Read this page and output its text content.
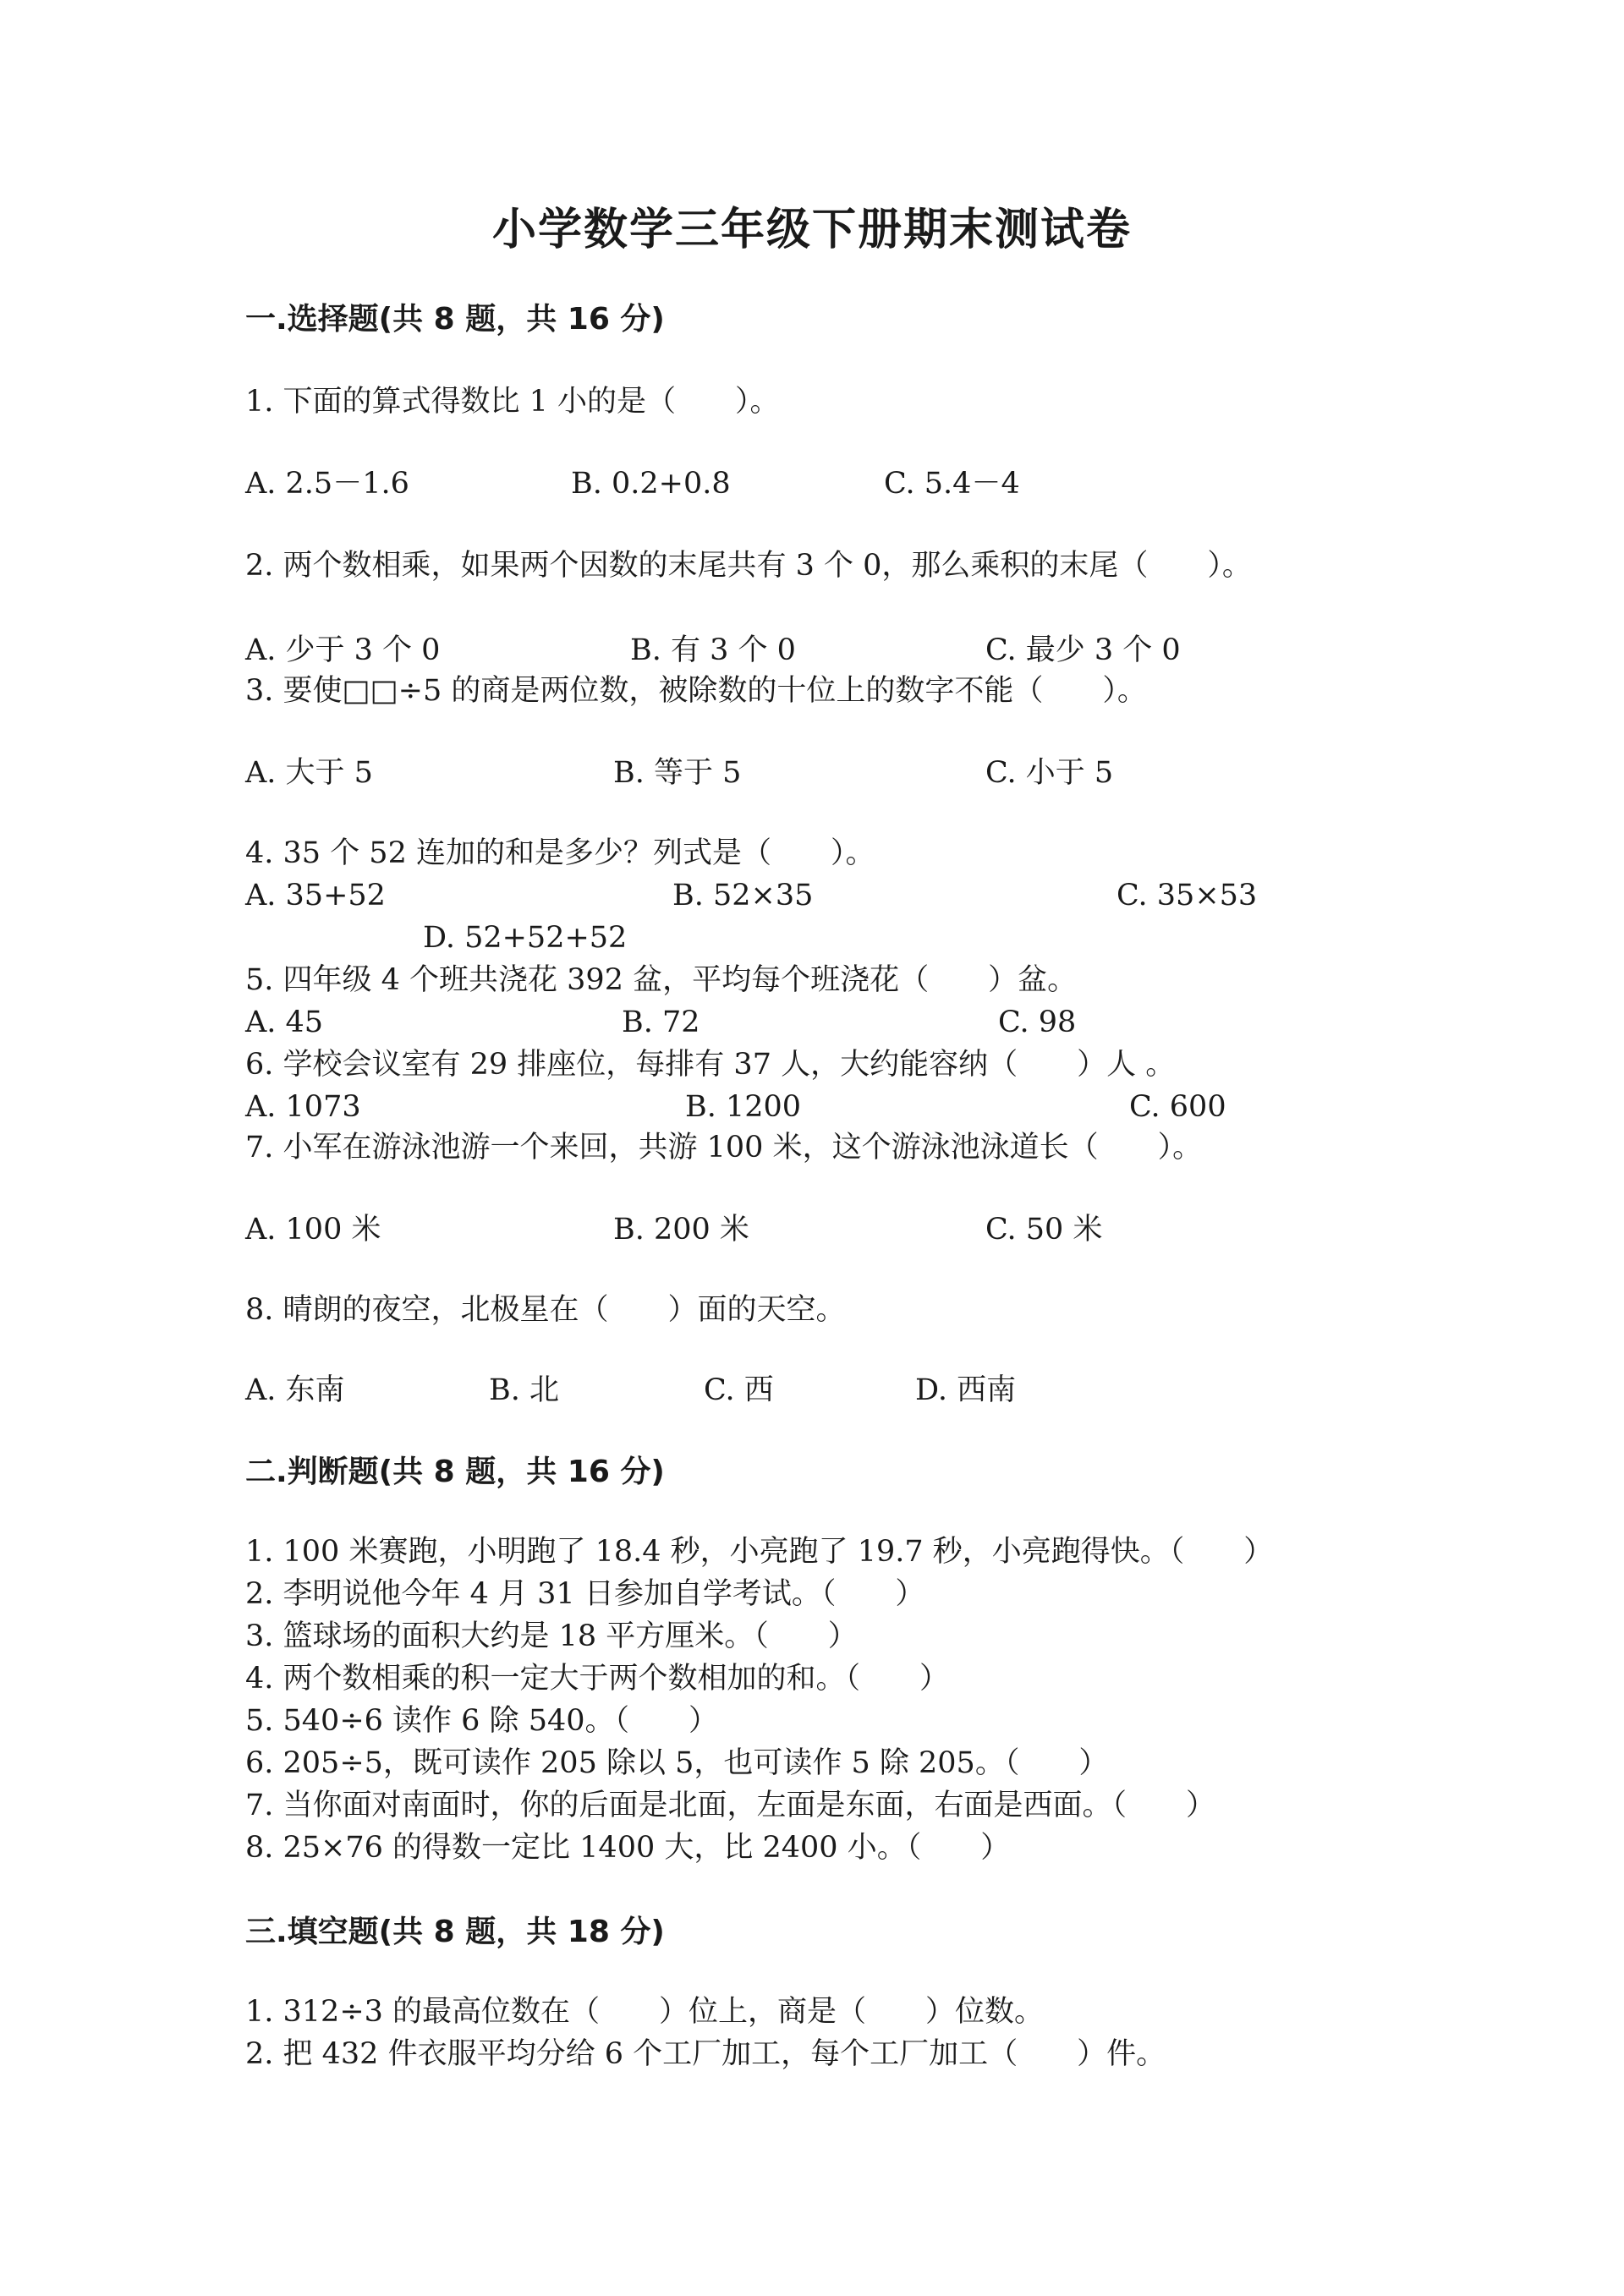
小学数学三年级下册期末测试卷
一.选择题(共 8 题，共 16 分)
1. 下面的算式得数比 1 小的是（　　）。
A. 2.5－1.6	B. 0.2+0.8	C. 5.4－4
2. 两个数相乘，如果两个因数的末尾共有 3 个 0，那么乘积的末尾（　　）。
A. 少于 3 个 0	B. 有 3 个 0	C. 最少 3 个 0
3. 要使□□÷5 的商是两位数，被除数的十位上的数字不能（　　）。
A. 大于 5	B. 等于 5	C. 小于 5
4. 35 个 52 连加的和是多少？列式是（　　）。
A. 35+52	B. 52×35	C. 35×53
D. 52+52+52
5. 四年级 4 个班共浇花 392 盆，平均每个班浇花（　　）盆。
A. 45	B. 72	C. 98
6. 学校会议室有 29 排座位，每排有 37 人，大约能容纳（　　）人 。
A. 1073	B. 1200	C. 600
7. 小军在游泳池游一个来回，共游 100 米，这个游泳池泳道长（　　）。
A. 100 米	B. 200 米	C. 50 米
8. 晴朗的夜空，北极星在（　　）面的天空。
A. 东南	B. 北	C. 西	D. 西南
二.判断题(共 8 题，共 16 分)
1. 100 米赛跑，小明跑了 18.4 秒，小亮跑了 19.7 秒，小亮跑得快。（　　）
2. 李明说他今年 4 月 31 日参加自学考试。（　　）
3. 篮球场的面积大约是 18 平方厘米。（　　）
4. 两个数相乘的积一定大于两个数相加的和。（　　）
5. 540÷6 读作 6 除 540。（　　）
6. 205÷5，既可读作 205 除以 5，也可读作 5 除 205。（　　）
7. 当你面对南面时，你的后面是北面，左面是东面，右面是西面。（　　）
8. 25×76 的得数一定比 1400 大，比 2400 小。（　　）
三.填空题(共 8 题，共 18 分)
1. 312÷3 的最高位数在（　　）位上，商是（　　）位数。
2. 把 432 件衣服平均分给 6 个工厂加工，每个工厂加工（　　）件。
